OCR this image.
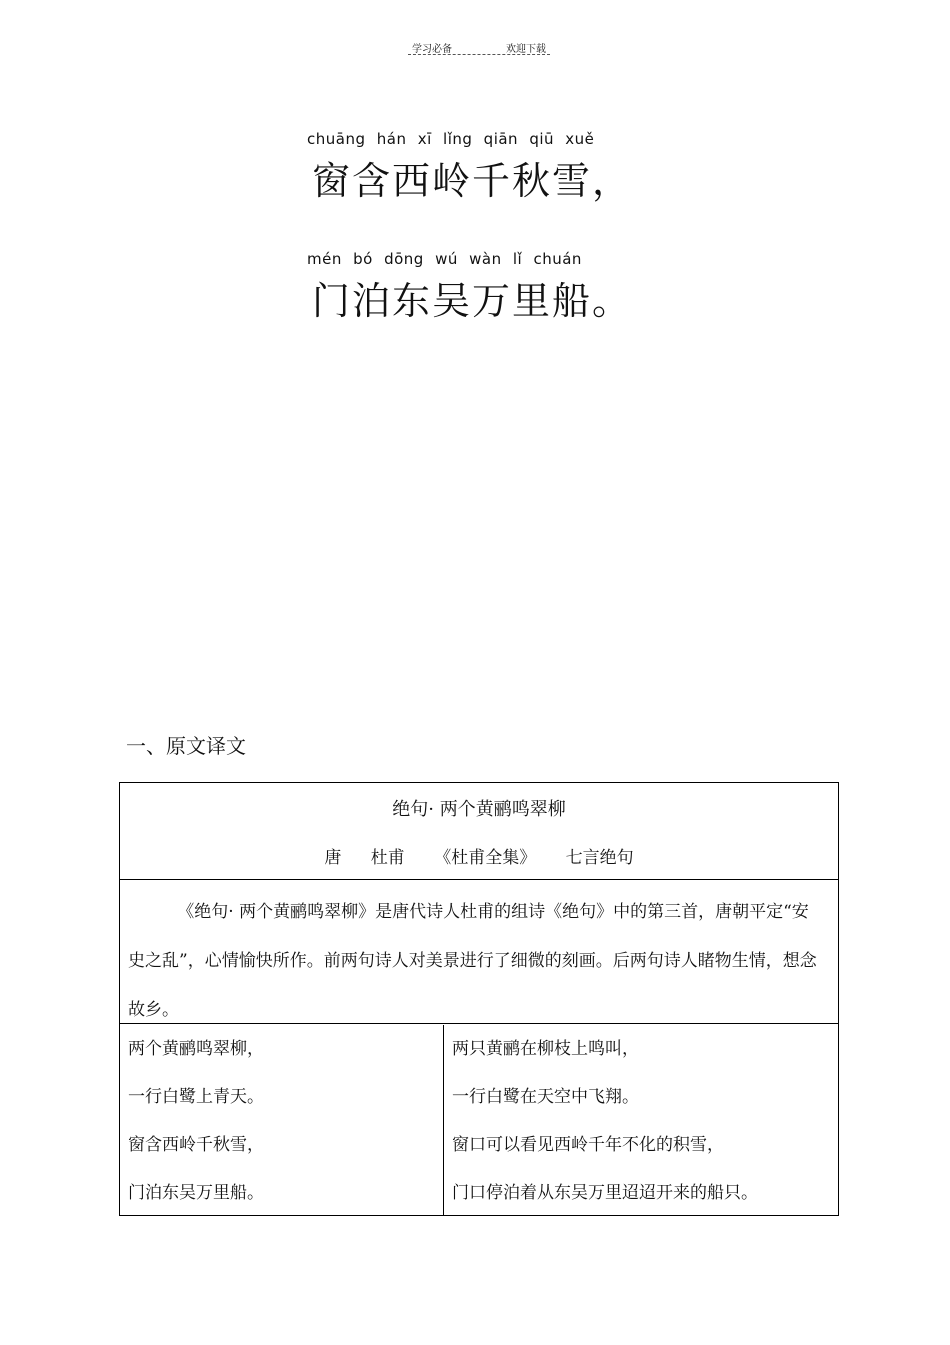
学习必备	欢迎下载
chuāng hán xī lǐng qiān qiū xuě
窗含西岭千秋雪，
mén bó dōng wú wàn lǐ chuán
门泊东吴万里船。
一、原文译文
绝句· 两个黄鹂鸣翠柳
唐 杜甫 《杜甫全集》 七言绝句

《绝句· 两个黄鹂鸣翠柳》是唐代诗人杜甫的组诗《绝句》中的第三首，唐朝平定“安史之乱”，心情愉快所作。前两句诗人对美景进行了细微的刻画。后两句诗人睹物生情，想念故乡。

两个黄鹂鸣翠柳，
一行白鹭上青天。
窗含西岭千秋雪，
门泊东吴万里船。
两只黄鹂在柳枝上鸣叫，
一行白鹭在天空中飞翔。
窗口可以看见西岭千年不化的积雪，
门口停泊着从东吴万里迢迢开来的船只。
